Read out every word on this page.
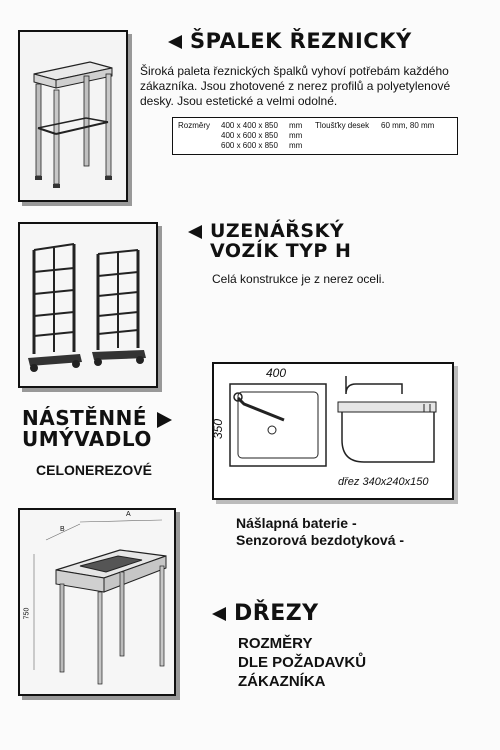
ŠPALEK ŘEZNICKÝ
Široká paleta řeznických špalků vyhoví potřebám každého zákazníka. Jsou zhotovené z nerez profilů a polyetylenové desky. Jsou estetické a velmi odolné.
Rozměry 400 x 400 x 850
400 x 600 x 850
600 x 600 x 850
mm
mm
mm
Tloušťky desek 60 mm, 80 mm
UZENÁŘSKÝ
VOZÍK TYP H
Celá konstrukce je z nerez oceli.
NÁSTĚNNÉ
UMÝVADLO
CELONEREZOVÉ
400
350
dřez 340x240x150
Nášlapná baterie -
Senzorová bezdotyková -
A
B
750	DŘEZY
ROZMĚRY
DLE POŽADAVKŮ
ZÁKAZNÍKA
